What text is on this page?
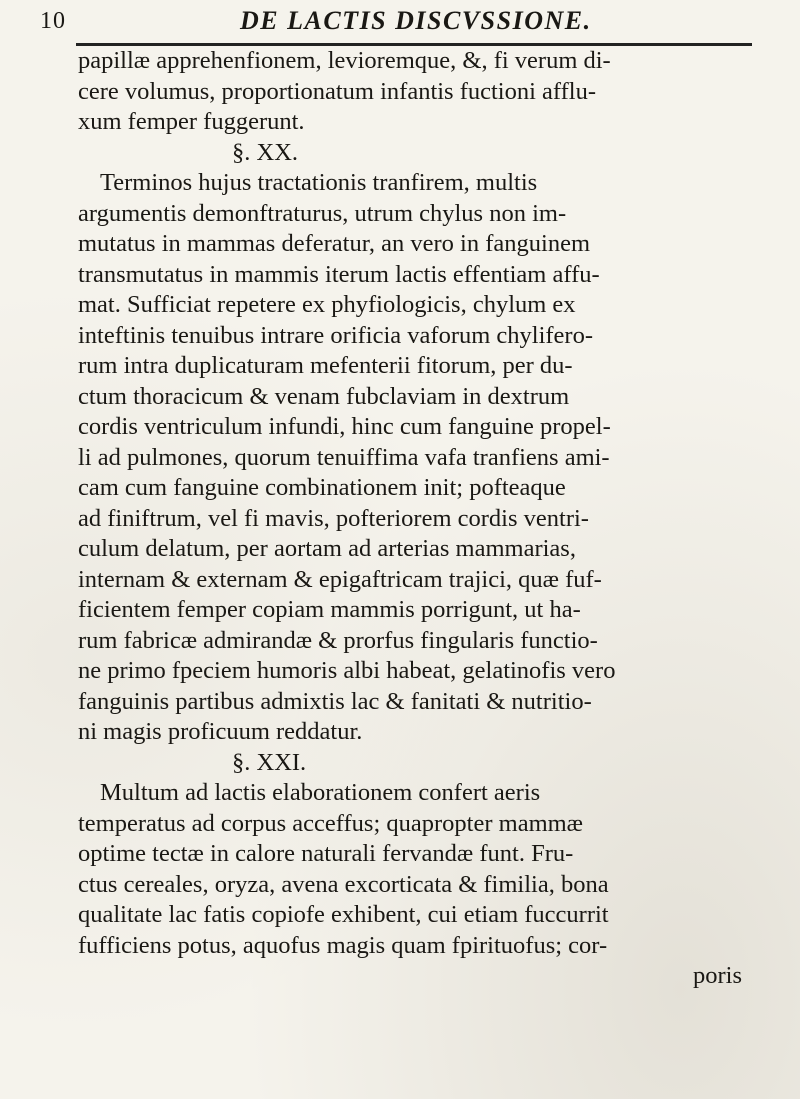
10	DE LACTIS DISCVSSIONE.
papillæ apprehenfionem, levioremque, &, fi verum di-
cere volumus, proportionatum infantis fuctioni afflu-
xum femper fuggerunt.
§. XX.
Terminos hujus tractationis tranfirem, multis
argumentis demonftraturus, utrum chylus non im-
mutatus in mammas deferatur, an vero in fanguinem
transmutatus in mammis iterum lactis effentiam affu-
mat. Sufficiat repetere ex phyfiologicis, chylum ex
inteftinis tenuibus intrare orificia vaforum chylifero-
rum intra duplicaturam mefenterii fitorum, per du-
ctum thoracicum & venam fubclaviam in dextrum
cordis ventriculum infundi, hinc cum fanguine propel-
li ad pulmones, quorum tenuiffima vafa tranfiens ami-
cam cum fanguine combinationem init; pofteaque
ad finiftrum, vel fi mavis, pofteriorem cordis ventri-
culum delatum, per aortam ad arterias mammarias,
internam & externam & epigaftricam trajici, quæ fuf-
ficientem femper copiam mammis porrigunt, ut ha-
rum fabricæ admirandæ & prorfus fingularis functio-
ne primo fpeciem humoris albi habeat, gelatinofis vero
fanguinis partibus admixtis lac & fanitati & nutritio-
ni magis proficuum reddatur.
§. XXI.
Multum ad lactis elaborationem confert aeris
temperatus ad corpus acceffus; quapropter mammæ
optime tectæ in calore naturali fervandæ funt. Fru-
ctus cereales, oryza, avena excorticata & fimilia, bona
qualitate lac fatis copiofe exhibent, cui etiam fuccurrit
fufficiens potus, aquofus magis quam fpirituofus; cor-
poris
